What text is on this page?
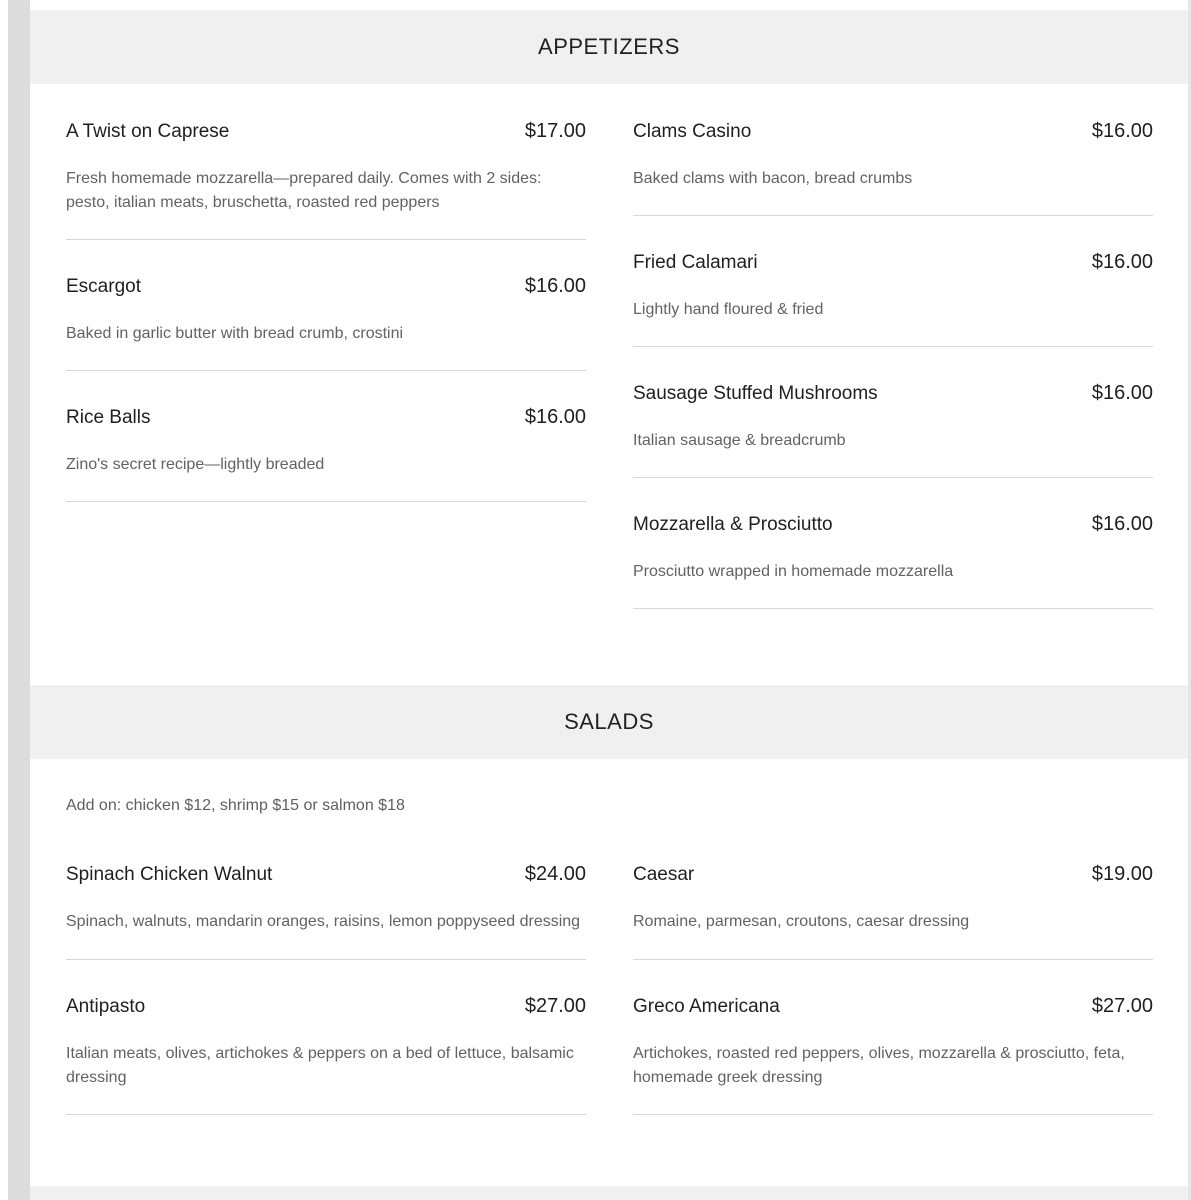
APPETIZERS
A Twist on Caprese	$17.00
Fresh homemade mozzarella—prepared daily. Comes with 2 sides: pesto, italian meats, bruschetta, roasted red peppers
Escargot	$16.00
Baked in garlic butter with bread crumb, crostini
Rice Balls	$16.00
Zino's secret recipe—lightly breaded
Clams Casino	$16.00
Baked clams with bacon, bread crumbs
Fried Calamari	$16.00
Lightly hand floured & fried
Sausage Stuffed Mushrooms	$16.00
Italian sausage & breadcrumb
Mozzarella & Prosciutto	$16.00
Prosciutto wrapped in homemade mozzarella
SALADS
Add on: chicken $12, shrimp $15 or salmon $18
Spinach Chicken Walnut	$24.00
Spinach, walnuts, mandarin oranges, raisins, lemon poppyseed dressing
Antipasto	$27.00
Italian meats, olives, artichokes & peppers on a bed of lettuce, balsamic dressing
Caesar	$19.00
Romaine, parmesan, croutons, caesar dressing
Greco Americana	$27.00
Artichokes, roasted red peppers, olives, mozzarella & prosciutto, feta, homemade greek dressing
